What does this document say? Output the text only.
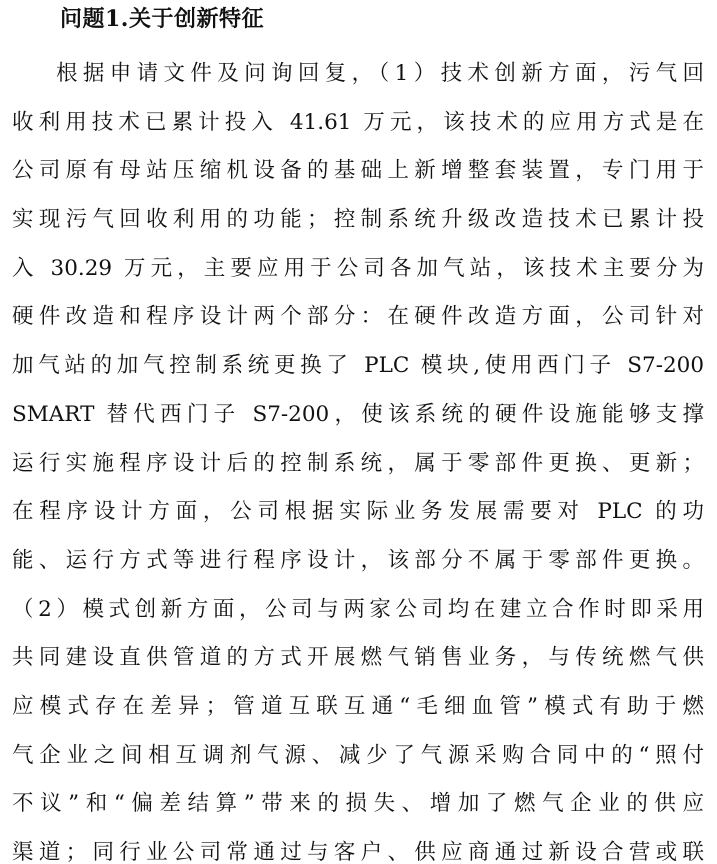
问题1.关于创新特征
根据申请文件及问询回复，（1）技术创新方面，污气回
收利用技术已累计投入 41.61 万元，该技术的应用方式是在
公司原有母站压缩机设备的基础上新增整套装置，专门用于
实现污气回收利用的功能；控制系统升级改造技术已累计投
入 30.29 万元，主要应用于公司各加气站，该技术主要分为
硬件改造和程序设计两个部分：在硬件改造方面，公司针对
加气站的加气控制系统更换了 PLC 模块,使用西门子 S7-200
SMART 替代西门子 S7-200，使该系统的硬件设施能够支撑
运行实施程序设计后的控制系统，属于零部件更换、更新；
在程序设计方面，公司根据实际业务发展需要对 PLC 的功
能、运行方式等进行程序设计，该部分不属于零部件更换。
（2）模式创新方面，公司与两家公司均在建立合作时即采用
共同建设直供管道的方式开展燃气销售业务，与传统燃气供
应模式存在差异；管道互联互通“毛细血管”模式有助于燃
气企业之间相互调剂气源、减少了气源采购合同中的“照付
不议”和“偏差结算”带来的损失、增加了燃气企业的供应
渠道；同行业公司常通过与客户、供应商通过新设合营或联
